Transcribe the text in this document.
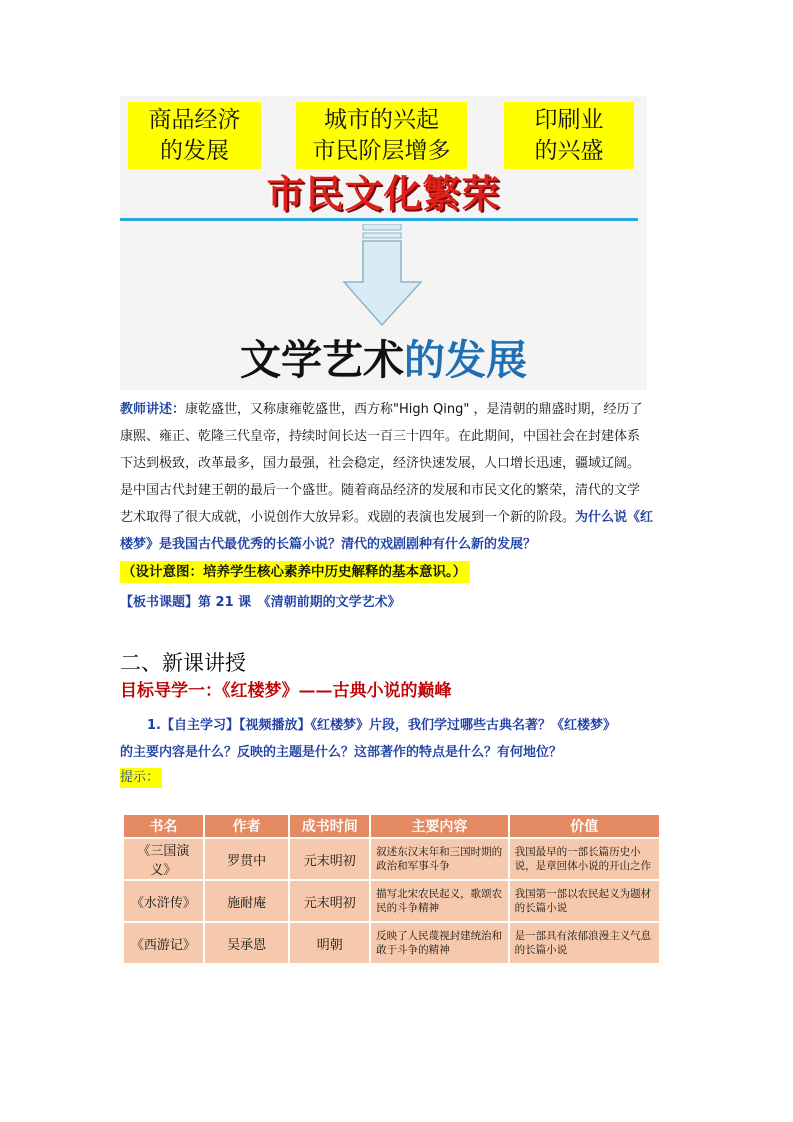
商品经济
的发展
城市的兴起
市民阶层增多
印刷业
的兴盛
市民文化繁荣
文学艺术的发展
教师讲述：康乾盛世，又称康雍乾盛世，西方称"High Qing" ，是清朝的鼎盛时期，经历了
康熙、雍正、乾隆三代皇帝，持续时间长达一百三十四年。在此期间，中国社会在封建体系
下达到极致，改革最多，国力最强，社会稳定，经济快速发展，人口增长迅速，疆域辽阔。
是中国古代封建王朝的最后一个盛世。随着商品经济的发展和市民文化的繁荣，清代的文学
艺术取得了很大成就，小说创作大放异彩。戏剧的表演也发展到一个新的阶段。为什么说《红
楼梦》是我国古代最优秀的长篇小说？清代的戏剧剧种有什么新的发展？
（设计意图：培养学生核心素养中历史解释的基本意识。）
【板书课题】第 21 课　《清朝前期的文学艺术》
二、新课讲授
目标导学一：《红楼梦》——古典小说的巅峰
1.【自主学习】【视频播放】《红楼梦》片段，我们学过哪些古典名著？《红楼梦》
的主要内容是什么？反映的主题是什么？这部著作的特点是什么？有何地位？
提示：
书名	作者	成书时间	主要内容	价值
《三国演义》	罗贯中	元末明初	叙述东汉末年和三国时期的政治和军事斗争	我国最早的一部长篇历史小说，是章回体小说的开山之作
《水浒传》	施耐庵	元末明初	描写北宋农民起义，歌颂农民的斗争精神	我国第一部以农民起义为题材的长篇小说
《西游记》	吴承恩	明朝	反映了人民蔑视封建统治和敢于斗争的精神	是一部具有浓郁浪漫主义气息的长篇小说
